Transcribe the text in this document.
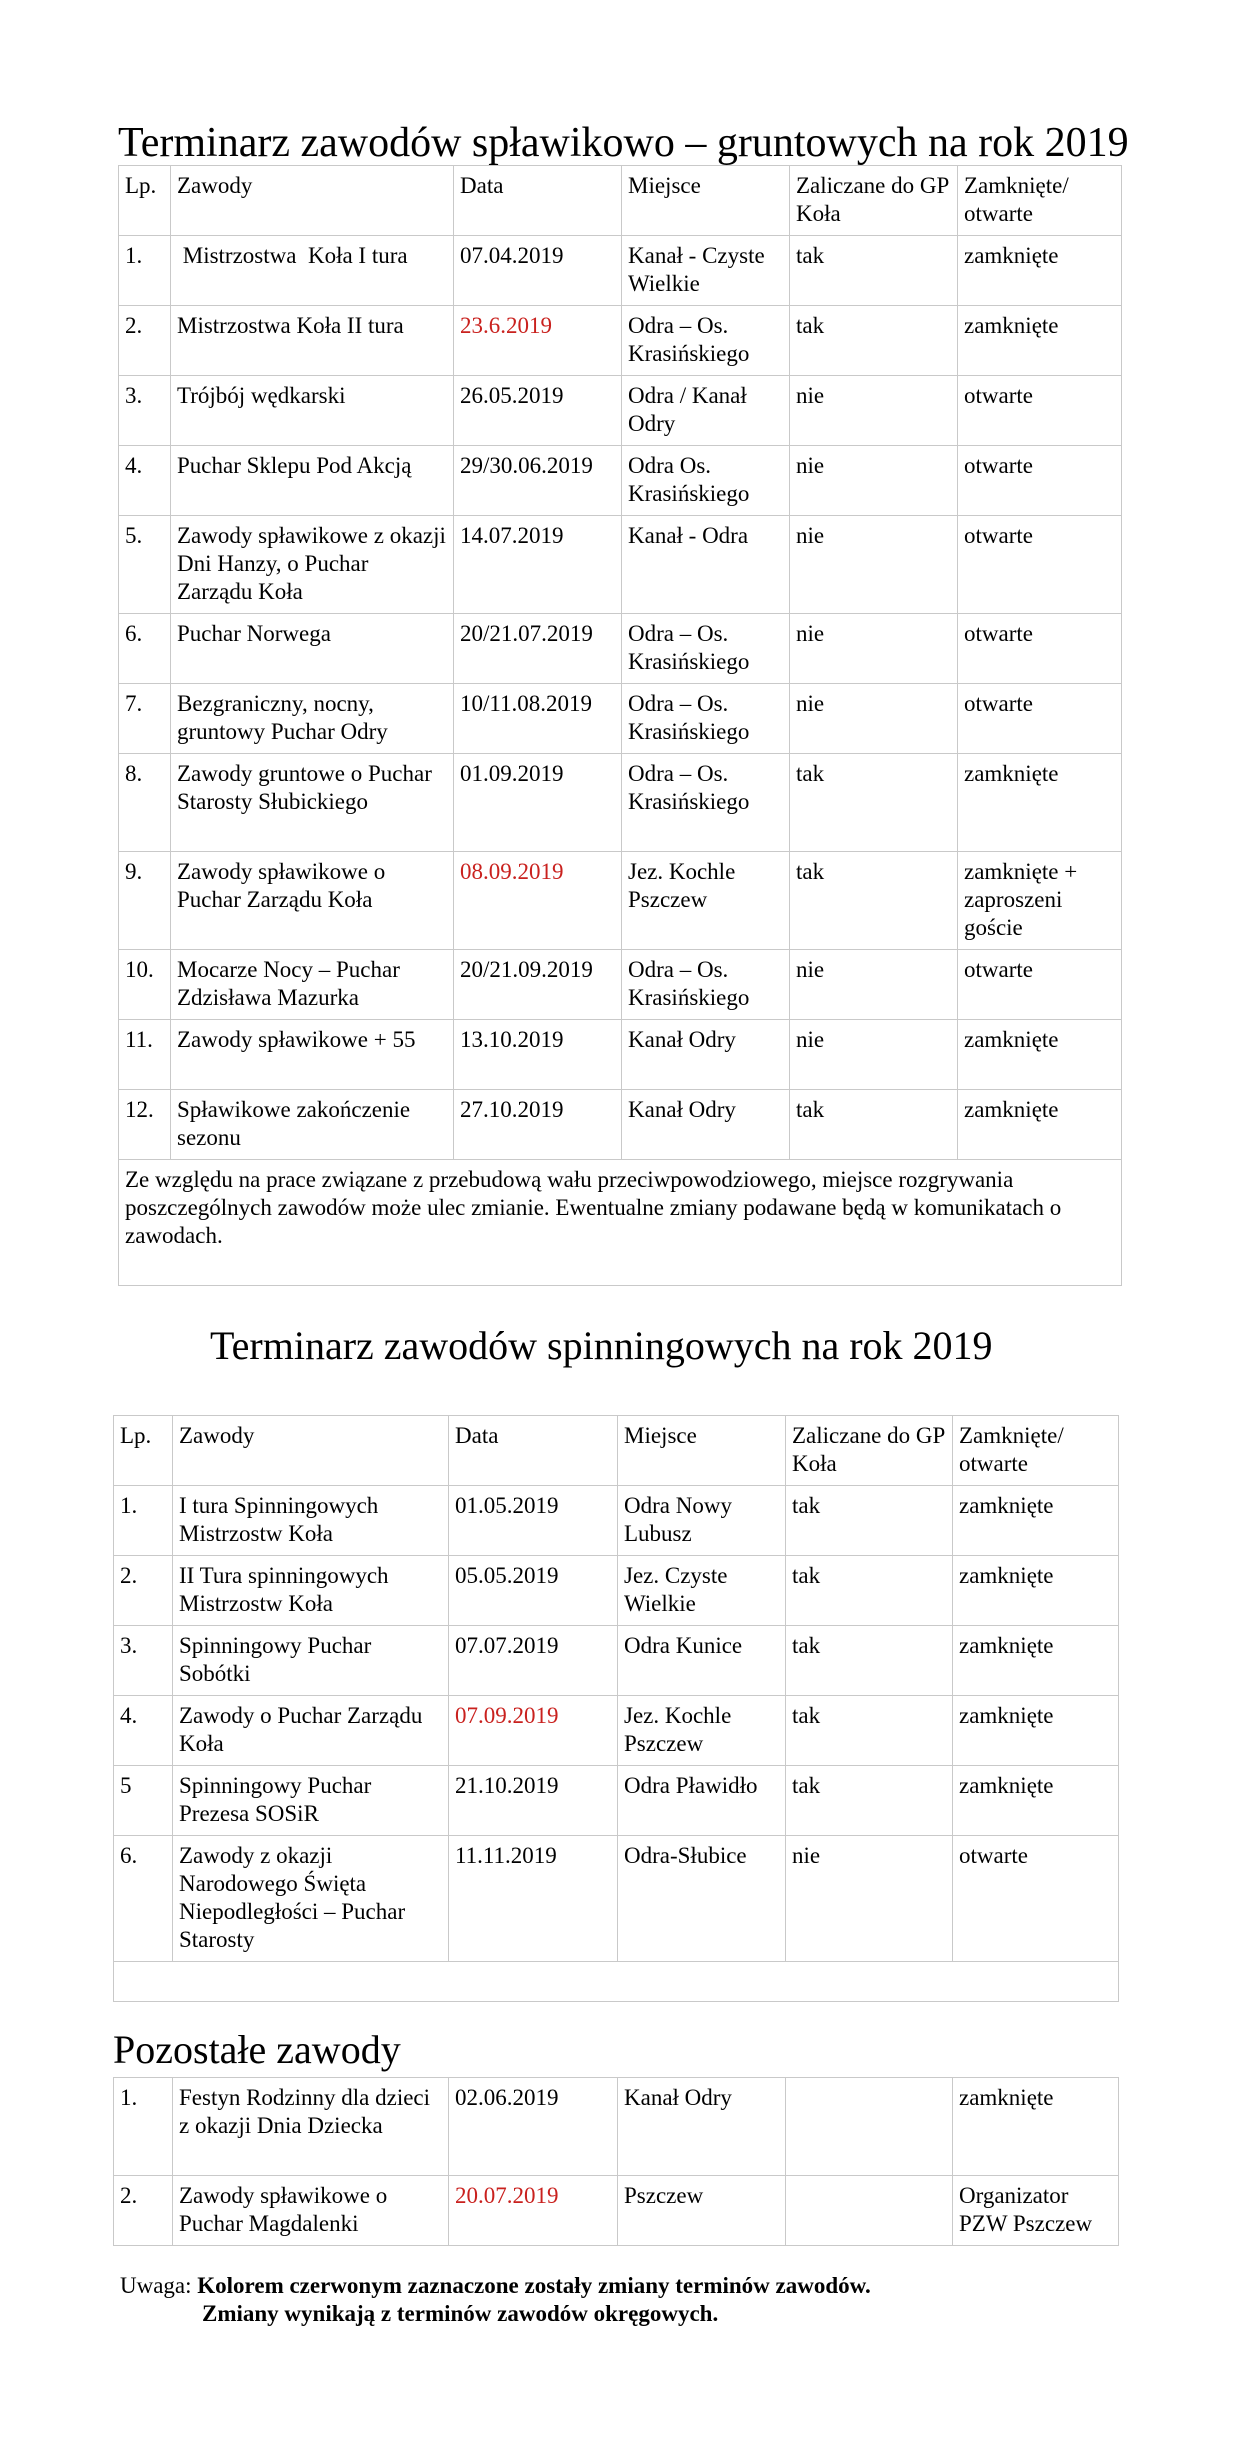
Terminarz zawodów spławikowo – gruntowych na rok 2019
Lp.	Zawody	Data	Miejsce	Zaliczane do GP Koła	Zamknięte/ otwarte
1.	Mistrzostwa  Koła I tura	07.04.2019	Kanał - Czyste Wielkie	tak	zamknięte
2.	Mistrzostwa Koła II tura	23.6.2019	Odra – Os. Krasińskiego	tak	zamknięte
3.	Trójbój wędkarski	26.05.2019	Odra / Kanał Odry	nie	otwarte
4.	Puchar Sklepu Pod Akcją	29/30.06.2019	Odra Os. Krasińskiego	nie	otwarte
5.	Zawody spławikowe z okazji Dni Hanzy, o Puchar Zarządu Koła	14.07.2019	Kanał - Odra	nie	otwarte
6.	Puchar Norwega	20/21.07.2019	Odra – Os. Krasińskiego	nie	otwarte
7.	Bezgraniczny, nocny, gruntowy Puchar Odry	10/11.08.2019	Odra – Os. Krasińskiego	nie	otwarte
8.	Zawody gruntowe o Puchar Starosty Słubickiego	01.09.2019	Odra – Os. Krasińskiego	tak	zamknięte
9.	Zawody spławikowe o Puchar Zarządu Koła	08.09.2019	Jez. Kochle Pszczew	tak	zamknięte + zaproszeni goście
10.	Mocarze Nocy – Puchar Zdzisława Mazurka	20/21.09.2019	Odra – Os. Krasińskiego	nie	otwarte
11.	Zawody spławikowe + 55	13.10.2019	Kanał Odry	nie	zamknięte
12.	Spławikowe zakończenie sezonu	27.10.2019	Kanał Odry	tak	zamknięte
Ze względu na prace związane z przebudową wału przeciwpowodziowego, miejsce rozgrywania poszczególnych zawodów może ulec zmianie. Ewentualne zmiany podawane będą w komunikatach o zawodach.					
Terminarz zawodów spinningowych na rok 2019
Lp.	Zawody	Data	Miejsce	Zaliczane do GP Koła	Zamknięte/ otwarte
1.	I tura Spinningowych Mistrzostw Koła	01.05.2019	Odra Nowy Lubusz	tak	zamknięte
2.	II Tura spinningowych Mistrzostw Koła	05.05.2019	Jez. Czyste Wielkie	tak	zamknięte
3.	Spinningowy Puchar Sobótki	07.07.2019	Odra Kunice	tak	zamknięte
4.	Zawody o Puchar Zarządu Koła	07.09.2019	Jez. Kochle Pszczew	tak	zamknięte
5	Spinningowy Puchar Prezesa SOSiR	21.10.2019	Odra Pławidło	tak	zamknięte
6.	Zawody z okazji Narodowego Święta Niepodległości – Puchar Starosty	11.11.2019	Odra-Słubice	nie	otwarte

Pozostałe zawody
1.	Festyn Rodzinny dla dzieci z okazji Dnia Dziecka	02.06.2019	Kanał Odry		zamknięte
2.	Zawody spławikowe o Puchar Magdalenki	20.07.2019	Pszczew		Organizator PZW Pszczew
Uwaga: Kolorem czerwonym zaznaczone zostały zmiany terminów zawodów.
Zmiany wynikają z terminów zawodów okręgowych.
